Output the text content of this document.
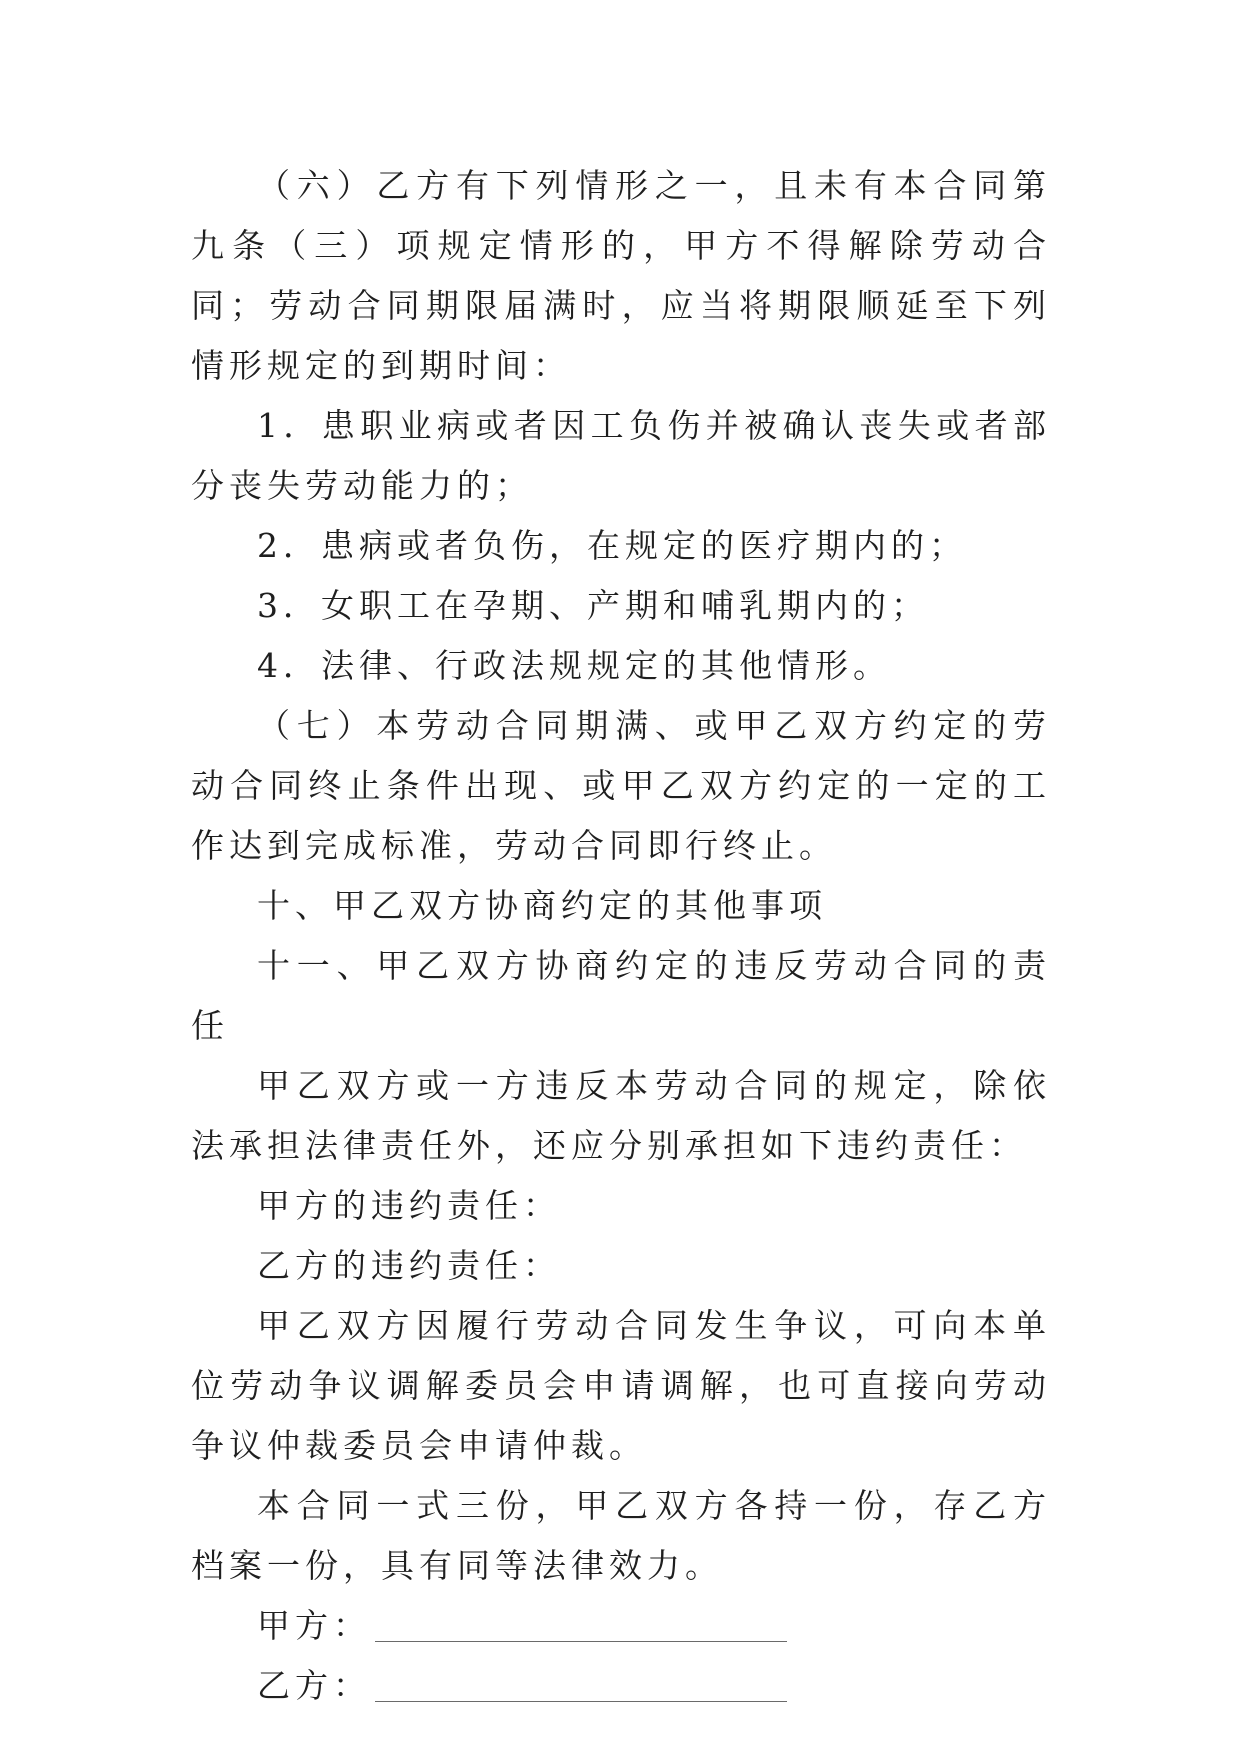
（六）乙方有下列情形之一，且未有本合同第九条（三）项规定情形的，甲方不得解除劳动合同；劳动合同期限届满时，应当将期限顺延至下列情形规定的到期时间：

1．患职业病或者因工负伤并被确认丧失或者部分丧失劳动能力的；

2．患病或者负伤，在规定的医疗期内的；

3．女职工在孕期、产期和哺乳期内的；

4．法律、行政法规规定的其他情形。

（七）本劳动合同期满、或甲乙双方约定的劳动合同终止条件出现、或甲乙双方约定的一定的工作达到完成标准，劳动合同即行终止。

十、甲乙双方协商约定的其他事项

十一、甲乙双方协商约定的违反劳动合同的责任

甲乙双方或一方违反本劳动合同的规定，除依法承担法律责任外，还应分别承担如下违约责任：

甲方的违约责任：

乙方的违约责任：

甲乙双方因履行劳动合同发生争议，可向本单位劳动争议调解委员会申请调解，也可直接向劳动争议仲裁委员会申请仲裁。

本合同一式三份，甲乙双方各持一份，存乙方档案一份，具有同等法律效力。

甲方：
乙方：
